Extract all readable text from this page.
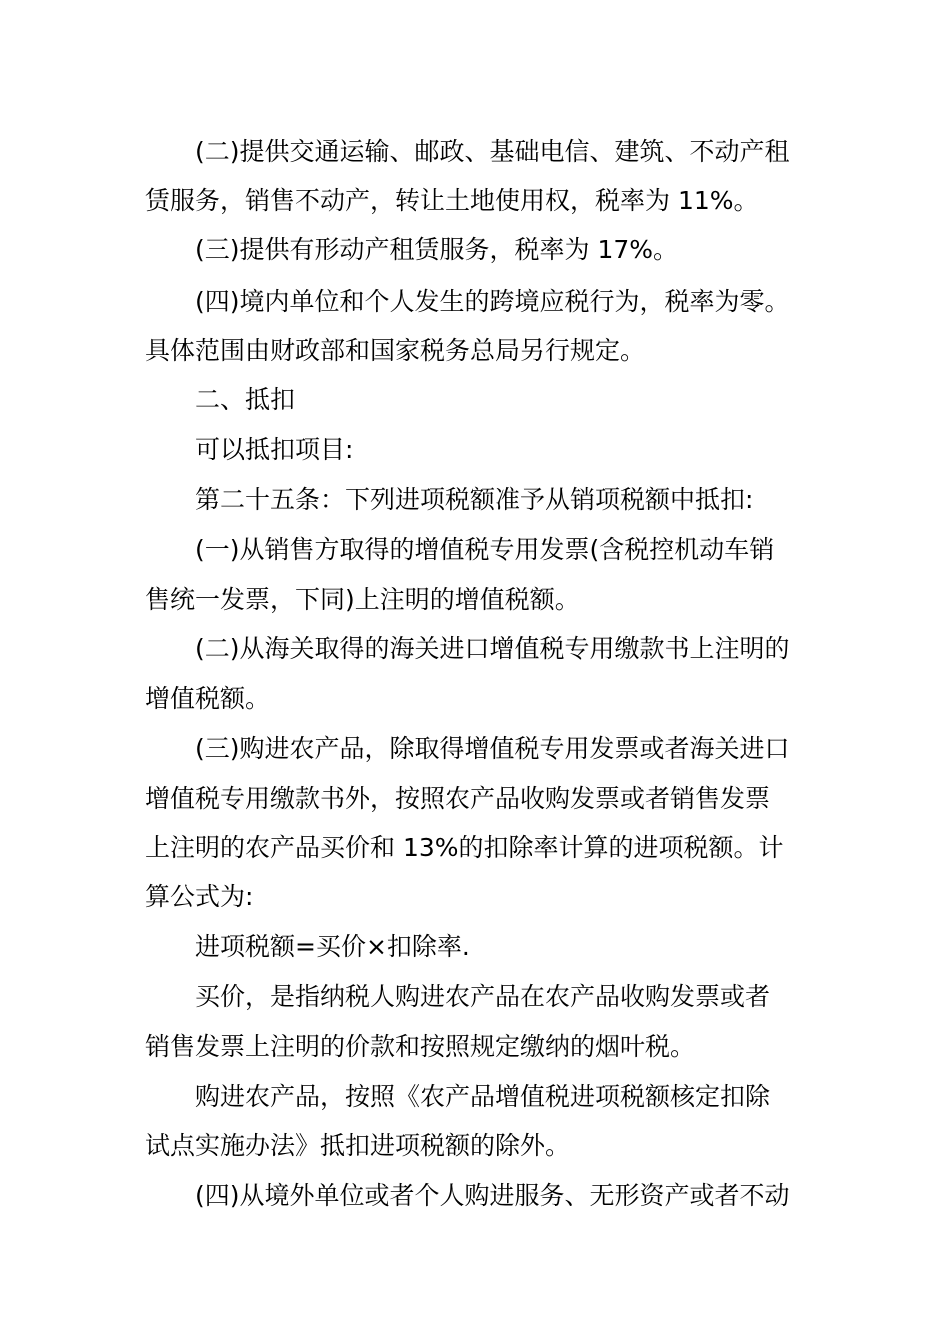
(二)提供交通运输、邮政、基础电信、建筑、不动产租
赁服务，销售不动产，转让土地使用权，税率为 11%。
(三)提供有形动产租赁服务，税率为 17%。
(四)境内单位和个人发生的跨境应税行为，税率为零。
具体范围由财政部和国家税务总局另行规定。
二、抵扣
可以抵扣项目:
第二十五条：下列进项税额准予从销项税额中抵扣:
(一)从销售方取得的增值税专用发票(含税控机动车销
售统一发票，下同)上注明的增值税额。
(二)从海关取得的海关进口增值税专用缴款书上注明的
增值税额。
(三)购进农产品，除取得增值税专用发票或者海关进口
增值税专用缴款书外，按照农产品收购发票或者销售发票
上注明的农产品买价和 13%的扣除率计算的进项税额。计
算公式为:
进项税额=买价×扣除率.
买价，是指纳税人购进农产品在农产品收购发票或者
销售发票上注明的价款和按照规定缴纳的烟叶税。
购进农产品，按照《农产品增值税进项税额核定扣除
试点实施办法》抵扣进项税额的除外。
(四)从境外单位或者个人购进服务、无形资产或者不动
